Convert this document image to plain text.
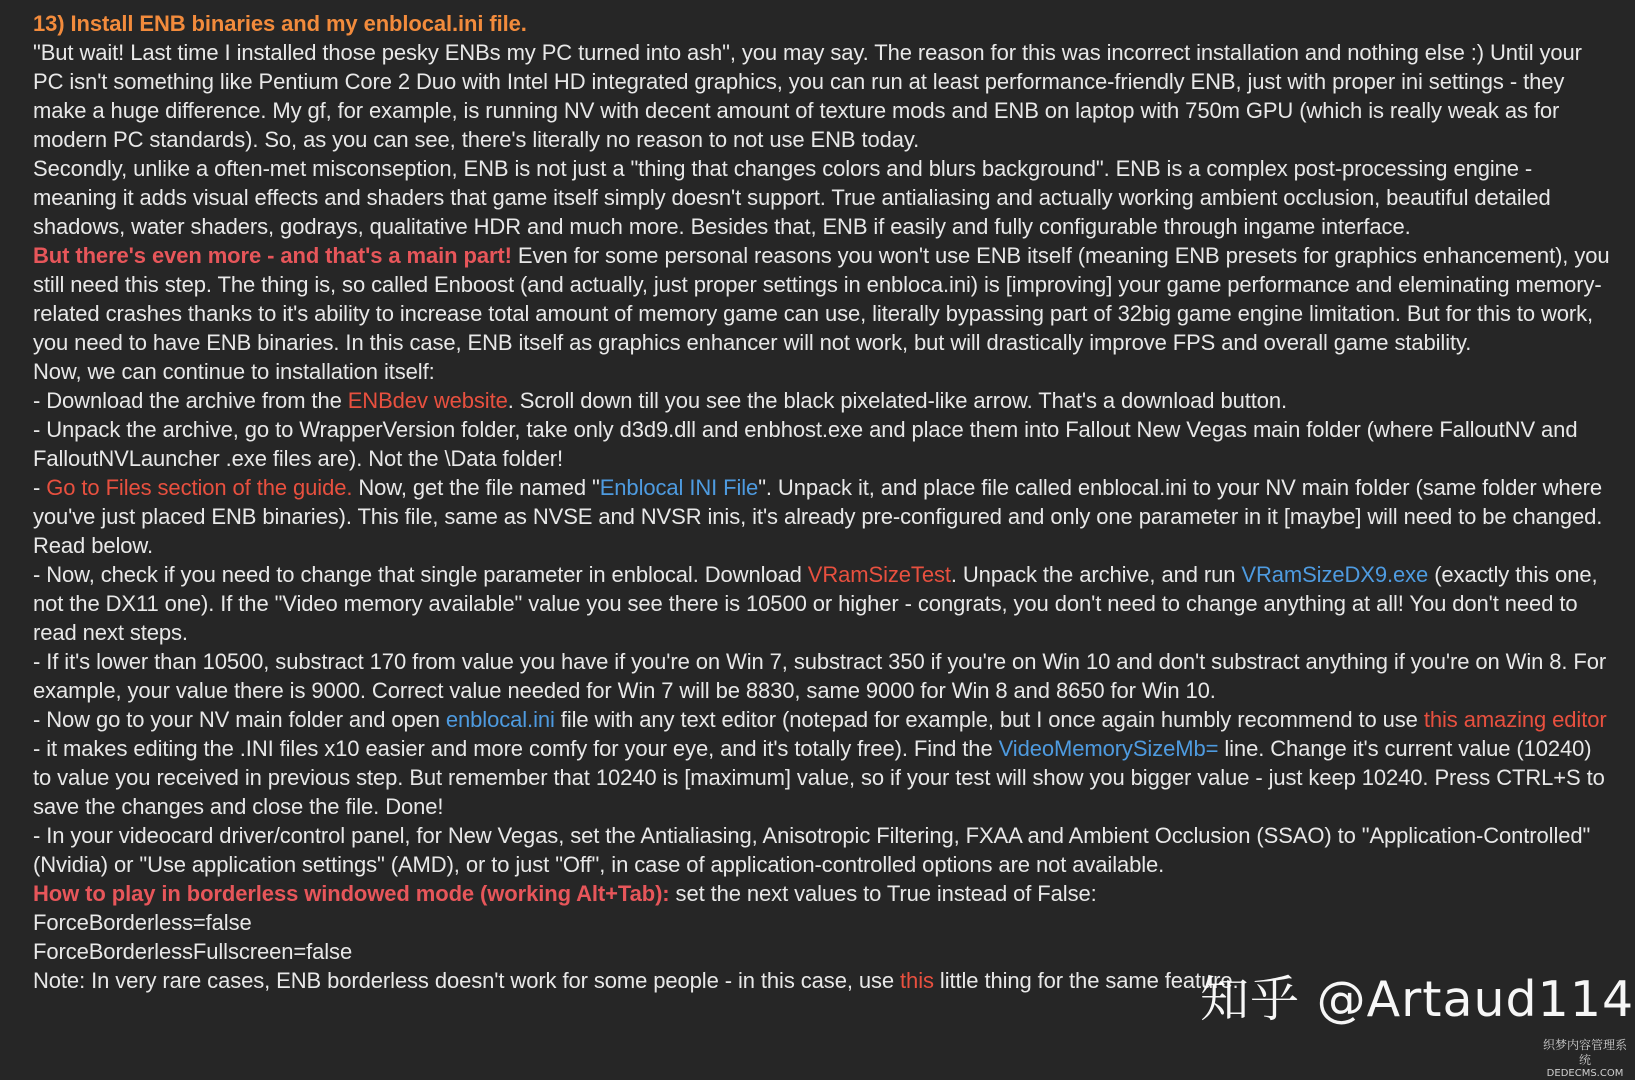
13) Install ENB binaries and my enblocal.ini file.

"But wait! Last time I installed those pesky ENBs my PC turned into ash", you may say. The reason for this was incorrect installation and nothing else :) Until your PC isn't something like Pentium Core 2 Duo with Intel HD integrated graphics, you can run at least performance-friendly ENB, just with proper ini settings - they make a huge difference. My gf, for example, is running NV with decent amount of texture mods and ENB on laptop with 750m GPU (which is really weak as for modern PC standards). So, as you can see, there's literally no reason to not use ENB today.

Secondly, unlike a often-met misconseption, ENB is not just a "thing that changes colors and blurs background". ENB is a complex post-processing engine - meaning it adds visual effects and shaders that game itself simply doesn't support. True antialiasing and actually working ambient occlusion, beautiful detailed shadows, water shaders, godrays, qualitative HDR and much more. Besides that, ENB if easily and fully configurable through ingame interface.

But there's even more - and that's a main part! Even for some personal reasons you won't use ENB itself (meaning ENB presets for graphics enhancement), you still need this step. The thing is, so called Enboost (and actually, just proper settings in enbloca.ini) is [improving] your game performance and eleminating memory-related crashes thanks to it's ability to increase total amount of memory game can use, literally bypassing part of 32big game engine limitation. But for this to work, you need to have ENB binaries. In this case, ENB itself as graphics enhancer will not work, but will drastically improve FPS and overall game stability.

Now, we can continue to installation itself:

- Download the archive from the ENBdev website. Scroll down till you see the black pixelated-like arrow. That's a download button.

- Unpack the archive, go to WrapperVersion folder, take only d3d9.dll and enbhost.exe and place them into Fallout New Vegas main folder (where FalloutNV and FalloutNVLauncher .exe files are). Not the \Data folder!

- Go to Files section of the guide. Now, get the file named "Enblocal INI File". Unpack it, and place file called enblocal.ini to your NV main folder (same folder where you've just placed ENB binaries). This file, same as NVSE and NVSR inis, it's already pre-configured and only one parameter in it [maybe] will need to be changed. Read below.

- Now, check if you need to change that single parameter in enblocal. Download VRamSizeTest. Unpack the archive, and run VRamSizeDX9.exe (exactly this one, not the DX11 one). If the "Video memory available" value you see there is 10500 or higher - congrats, you don't need to change anything at all! You don't need to read next steps.

- If it's lower than 10500, substract 170 from value you have if you're on Win 7, substract 350 if you're on Win 10 and don't substract anything if you're on Win 8. For example, your value there is 9000. Correct value needed for Win 7 will be 8830, same 9000 for Win 8 and 8650 for Win 10.

- Now go to your NV main folder and open enblocal.ini file with any text editor (notepad for example, but I once again humbly recommend to use this amazing editor - it makes editing the .INI files x10 easier and more comfy for your eye, and it's totally free). Find the VideoMemorySizeMb= line. Change it's current value (10240) to value you received in previous step. But remember that 10240 is [maximum] value, so if your test will show you bigger value - just keep 10240. Press CTRL+S to save the changes and close the file. Done!

- In your videocard driver/control panel, for New Vegas, set the Antialiasing, Anisotropic Filtering, FXAA and Ambient Occlusion (SSAO) to "Application-Controlled" (Nvidia) or "Use application settings" (AMD), or to just "Off", in case of application-controlled options are not available.

How to play in borderless windowed mode (working Alt+Tab): set the next values to True instead of False:

ForceBorderless=false

ForceBorderlessFullscreen=false

Note: In very rare cases, ENB borderless doesn't work for some people - in this case, use this little thing for the same feature.

知乎 @Artaud114
织梦内容管理系统
DEDECMS.COM
